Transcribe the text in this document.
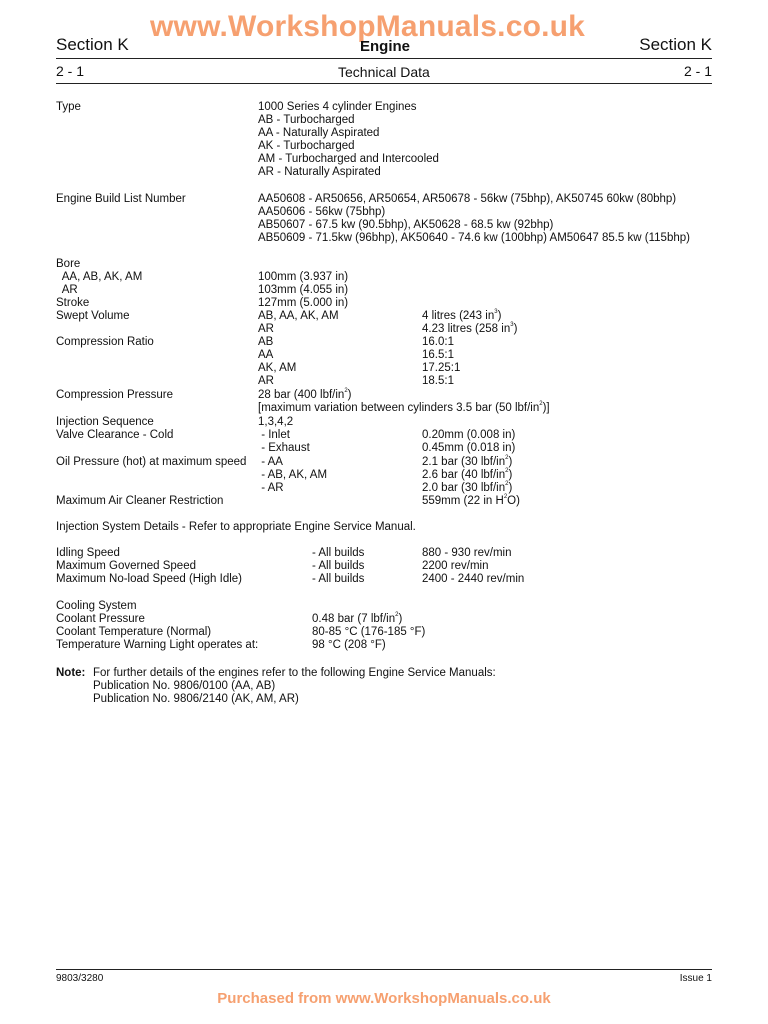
www.WorkshopManuals.co.uk
Section K	Engine	Section K
2 - 1	Technical Data	2 - 1
Type	1000 Series 4 cylinder Engines
AB - Turbocharged
AA - Naturally Aspirated
AK - Turbocharged
AM - Turbocharged and Intercooled
AR - Naturally Aspirated
Engine Build List Number	AA50608 - AR50656, AR50654, AR50678 - 56kw (75bhp), AK50745 60kw (80bhp)
AA50606 - 56kw (75bhp)
AB50607 - 67.5 kw (90.5bhp), AK50628 - 68.5 kw (92bhp)
AB50609 - 71.5kw (96bhp), AK50640 - 74.6 kw (100bhp) AM50647 85.5 kw (115bhp)
Bore
AA, AB, AK, AM	100mm (3.937 in)
AR	103mm (4.055 in)
Stroke	127mm (5.000 in)
Swept Volume	AB, AA, AK, AM	4 litres (243 $in^3$)
AR	4.23 litres (258 $in^3$)
Compression Ratio	AB	16.0:1
AA	16.5:1
AK, AM	17.25:1
AR	18.5:1
Compression Pressure	28 bar (400 lbf/$in^2$)
[maximum variation between cylinders 3.5 bar (50 lbf/$in^2$)]
Injection Sequence	1,3,4,2
Valve Clearance - Cold	- Inlet	0.20mm (0.008 in)
- Exhaust	0.45mm (0.018 in)
Oil Pressure (hot) at maximum speed - AA	2.1 bar (30 lbf/$in^2$)
- AB, AK, AM	2.6 bar (40 lbf/$in^2$)
- AR	2.0 bar (30 lbf/$in^2$)
Maximum Air Cleaner Restriction	559mm (22 in $H^2O$)
Injection System Details - Refer to appropriate Engine Service Manual.
Idling Speed	- All builds	880 - 930 rev/min
Maximum Governed Speed	- All builds	2200 rev/min
Maximum No-load Speed (High Idle)	- All builds	2400 - 2440 rev/min
Cooling System
Coolant Pressure	0.48 bar (7 lbf/$in^2$)
Coolant Temperature (Normal)	80-85 °C (176-185 °F)
Temperature Warning Light operates at:	98 °C (208 °F)
Note: For further details of the engines refer to the following Engine Service Manuals:
Publication No. 9806/0100 (AA, AB)
Publication No. 9806/2140 (AK, AM, AR)
9803/3280	Issue 1
Purchased from www.WorkshopManuals.co.uk
